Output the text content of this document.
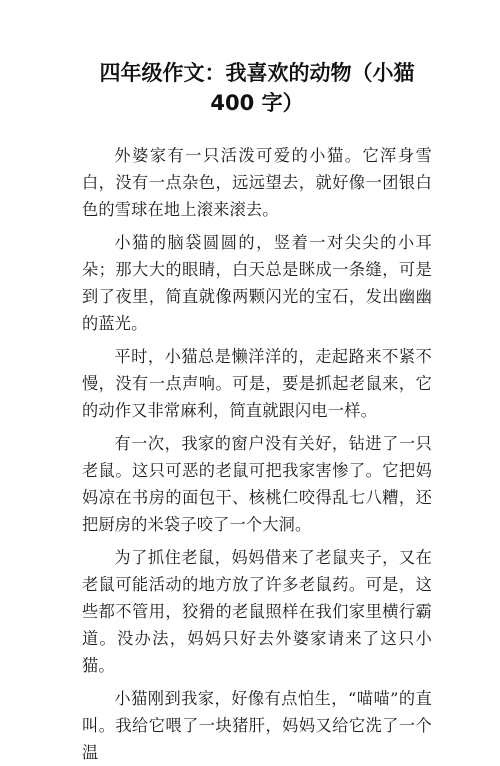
四年级作文：我喜欢的动物（小猫
400 字）

外婆家有一只活泼可爱的小猫。它浑身雪白，没有一点杂色，远远望去，就好像一团银白色的雪球在地上滚来滚去。

小猫的脑袋圆圆的，竖着一对尖尖的小耳朵；那大大的眼睛，白天总是眯成一条缝，可是到了夜里，简直就像两颗闪光的宝石，发出幽幽的蓝光。

平时，小猫总是懒洋洋的，走起路来不紧不慢，没有一点声响。可是，要是抓起老鼠来，它的动作又非常麻利，简直就跟闪电一样。

有一次，我家的窗户没有关好，钻进了一只老鼠。这只可恶的老鼠可把我家害惨了。它把妈妈凉在书房的面包干、核桃仁咬得乱七八糟，还把厨房的米袋子咬了一个大洞。

为了抓住老鼠，妈妈借来了老鼠夹子，又在老鼠可能活动的地方放了许多老鼠药。可是，这些都不管用，狡猾的老鼠照样在我们家里横行霸道。没办法，妈妈只好去外婆家请来了这只小猫。

小猫刚到我家，好像有点怕生，“喵喵”的直叫。我给它喂了一块猪肝，妈妈又给它洗了一个温
